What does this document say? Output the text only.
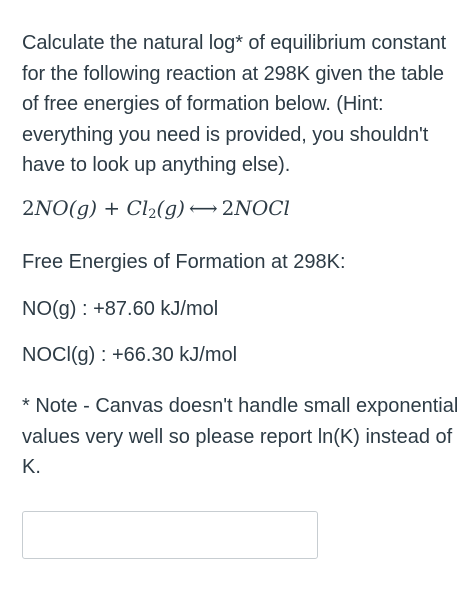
Calculate the natural log* of equilibrium constant for the following reaction at 298K given the table of free energies of formation below. (Hint: everything you need is provided, you shouldn't have to look up anything else).

$2NO(g) + Cl_2(g)$ ⟷ 2NOCl
Free Energies of Formation at 298K:
NO(g) : +87.60 kJ/mol
NOCl(g) : +66.30 kJ/mol
* Note - Canvas doesn't handle small exponential values very well so please report ln(K) instead of K.
